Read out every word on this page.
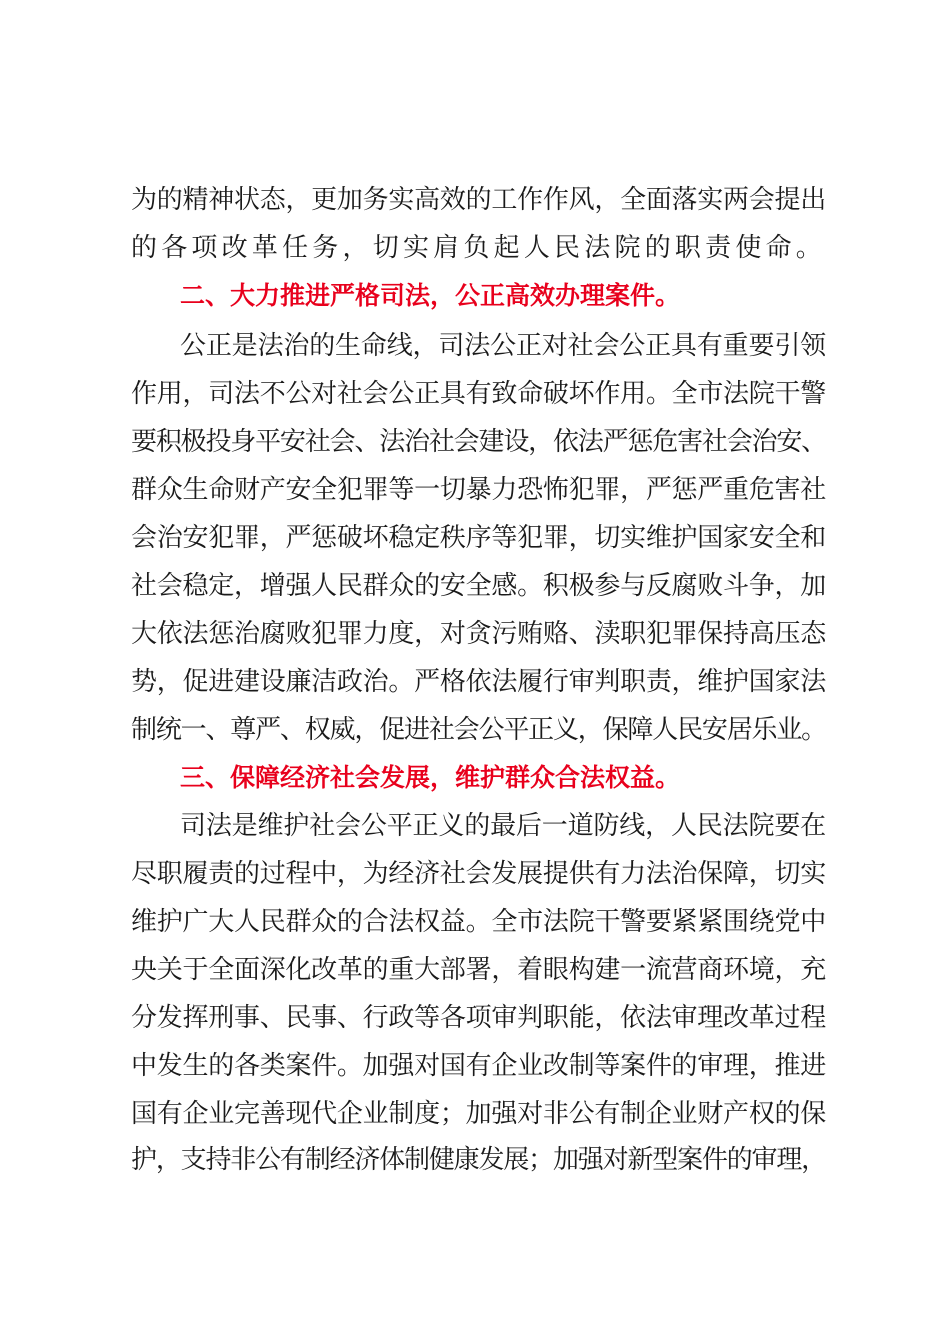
为的精神状态，更加务实高效的工作作风，全面落实两会提出
的各项改革任务，切实肩负起人民法院的职责使命。
二、大力推进严格司法，公正高效办理案件。
公正是法治的生命线，司法公正对社会公正具有重要引领
作用，司法不公对社会公正具有致命破坏作用。全市法院干警
要积极投身平安社会、法治社会建设，依法严惩危害社会治安、
群众生命财产安全犯罪等一切暴力恐怖犯罪，严惩严重危害社
会治安犯罪，严惩破坏稳定秩序等犯罪，切实维护国家安全和
社会稳定，增强人民群众的安全感。积极参与反腐败斗争，加
大依法惩治腐败犯罪力度，对贪污贿赂、渎职犯罪保持高压态
势，促进建设廉洁政治。严格依法履行审判职责，维护国家法
制统一、尊严、权威，促进社会公平正义，保障人民安居乐业。
三、保障经济社会发展，维护群众合法权益。
司法是维护社会公平正义的最后一道防线，人民法院要在
尽职履责的过程中，为经济社会发展提供有力法治保障，切实
维护广大人民群众的合法权益。全市法院干警要紧紧围绕党中
央关于全面深化改革的重大部署，着眼构建一流营商环境，充
分发挥刑事、民事、行政等各项审判职能，依法审理改革过程
中发生的各类案件。加强对国有企业改制等案件的审理，推进
国有企业完善现代企业制度；加强对非公有制企业财产权的保
护，支持非公有制经济体制健康发展；加强对新型案件的审理，
